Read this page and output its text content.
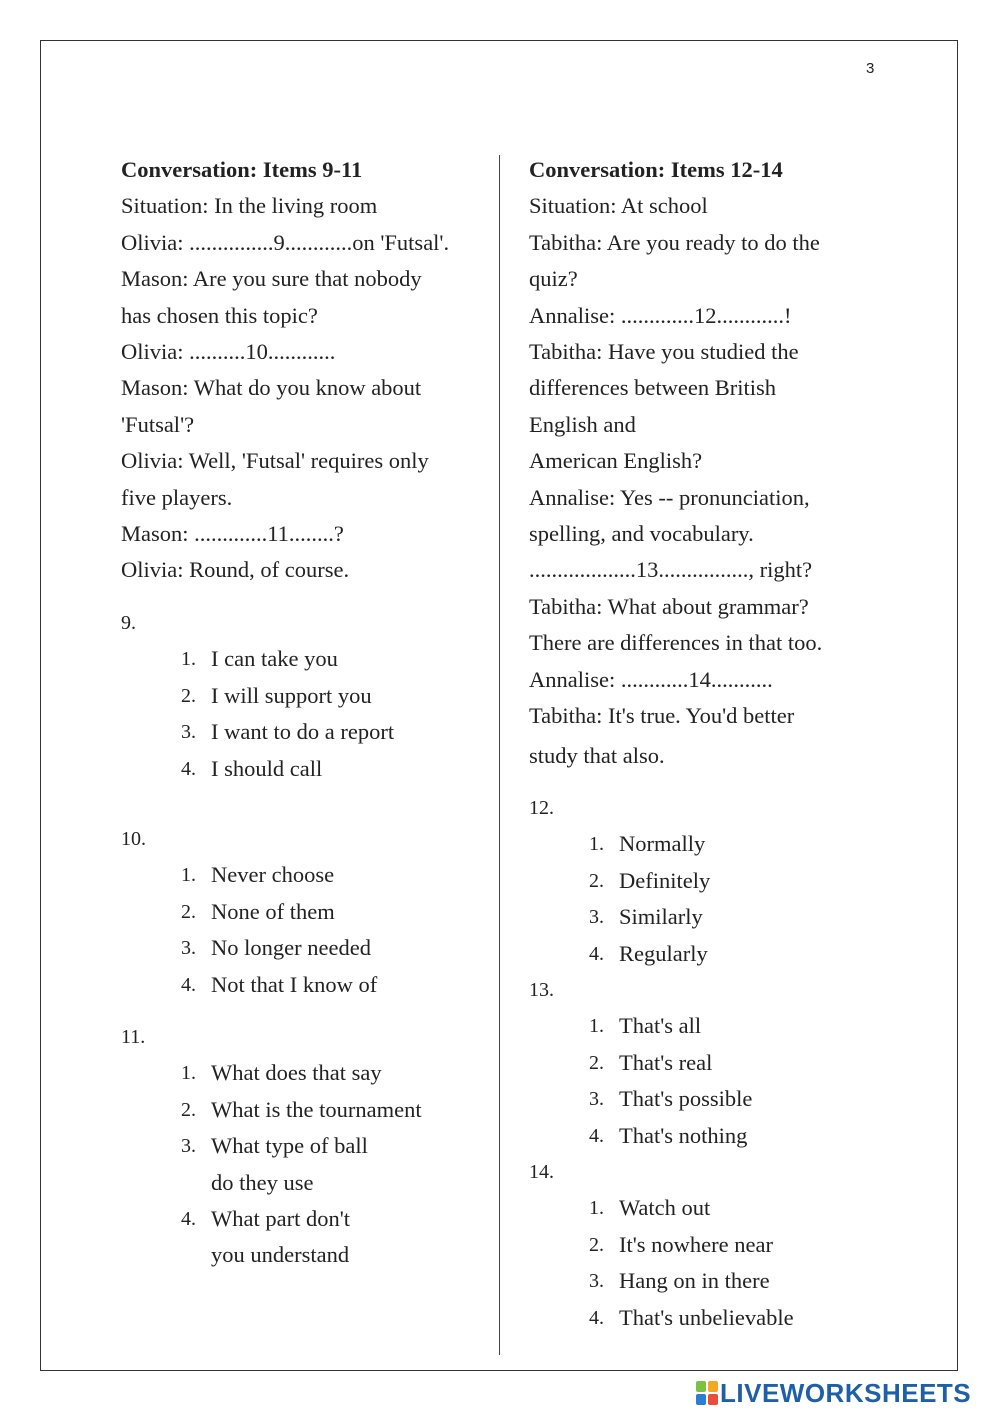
3
Conversation: Items 9-11
Situation: In the living room
Olivia: ...............9............on 'Futsal'.
Mason: Are you sure that nobody
has chosen this topic?
Olivia: ..........10............
Mason: What do you know about
'Futsal'?
Olivia: Well, 'Futsal' requires only
five players.
Mason: .............11........?
Olivia: Round, of course.
9.
1. I can take you
2. I will support you
3. I want to do a report
4. I should call
10.
1. Never choose
2. None of them
3. No longer needed
4. Not that I know of
11.
1. What does that say
2. What is the tournament
3. What type of ball do they use
4. What part don't you understand
Conversation: Items 12-14
Situation: At school
Tabitha: Are you ready to do the
quiz?
Annalise: .............12............!
Tabitha: Have you studied the
differences between British
English and
American English?
Annalise: Yes -- pronunciation,
spelling, and vocabulary.
...................13................, right?
Tabitha: What about grammar?
There are differences in that too.
Annalise: ............14...........
Tabitha: It's true. You'd better
study that also.
12.
1. Normally
2. Definitely
3. Similarly
4. Regularly
13.
1. That's all
2. That's real
3. That's possible
4. That's nothing
14.
1. Watch out
2. It's nowhere near
3. Hang on in there
4. That's unbelievable
LIVEWORKSHEETS
